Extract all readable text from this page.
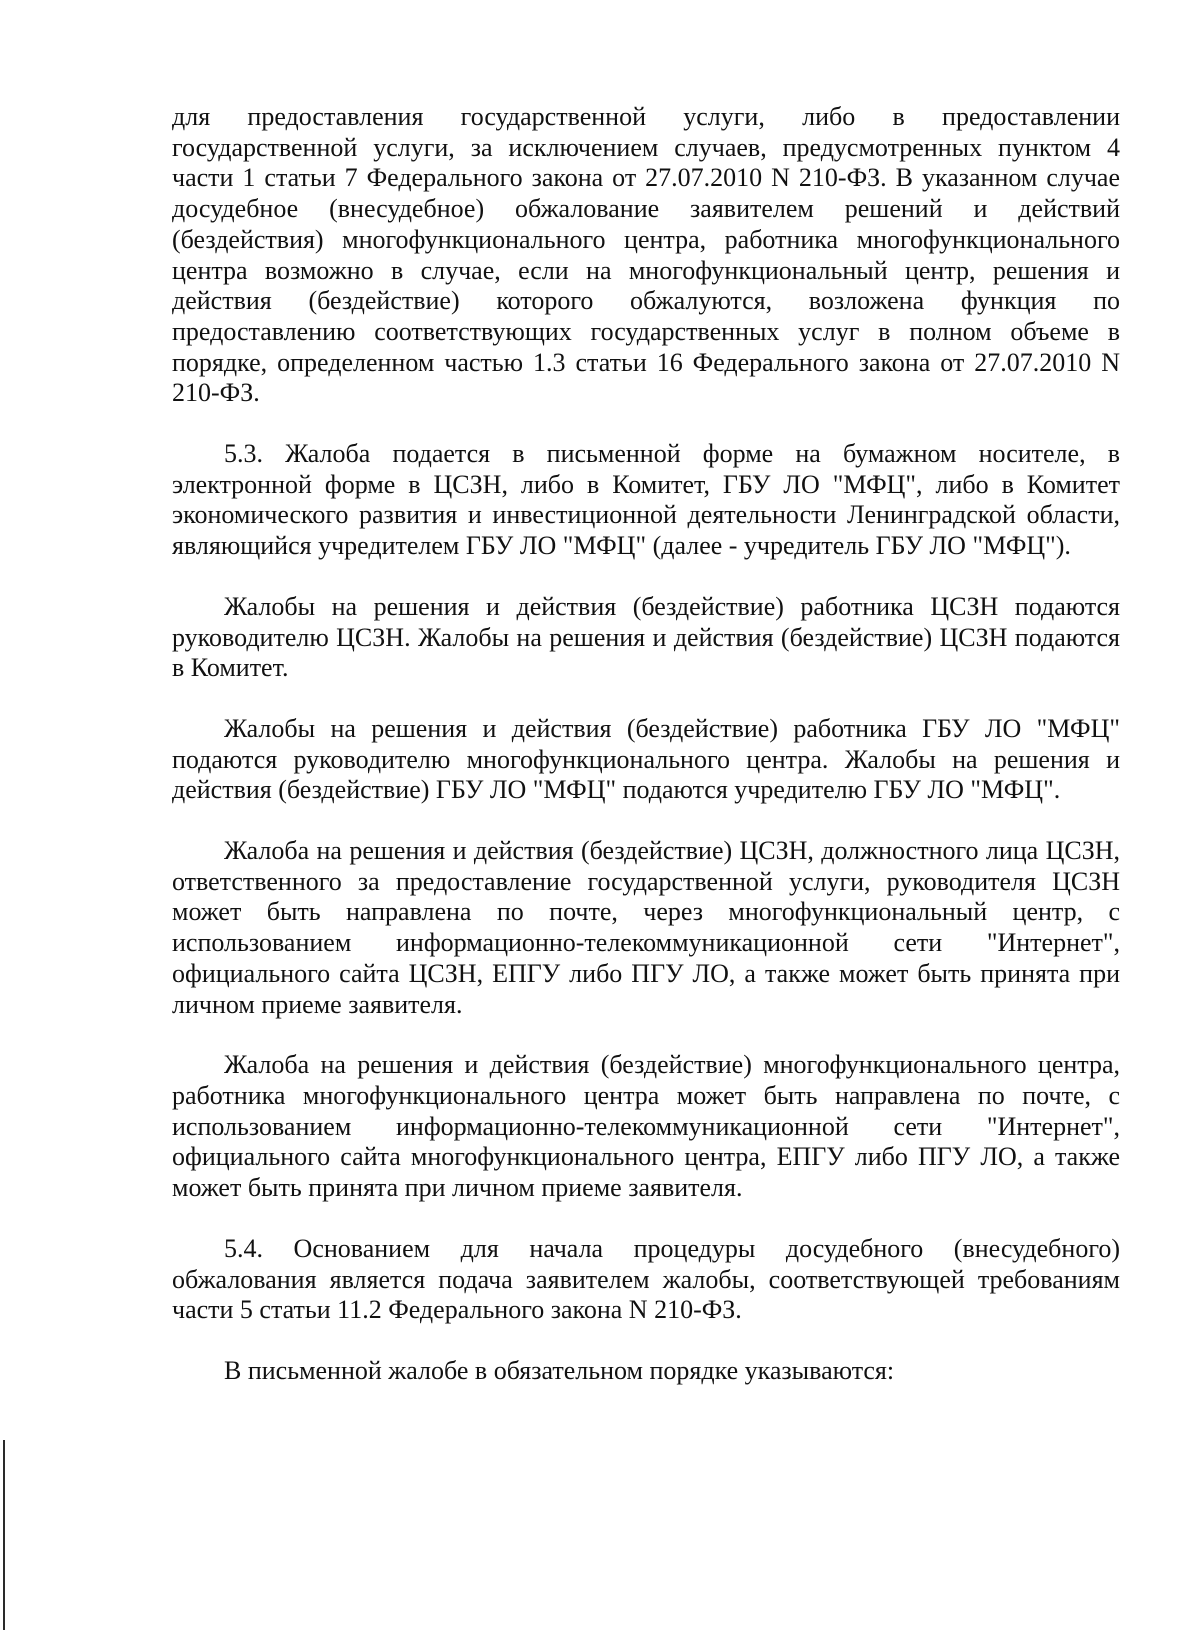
для предоставления государственной услуги, либо в предоставлении государственной услуги, за исключением случаев, предусмотренных пунктом 4 части 1 статьи 7 Федерального закона от 27.07.2010 N 210-ФЗ. В указанном случае досудебное (внесудебное) обжалование заявителем решений и действий (бездействия) многофункционального центра, работника многофункционального центра возможно в случае, если на многофункциональный центр, решения и действия (бездействие) которого обжалуются, возложена функция по предоставлению соответствующих государственных услуг в полном объеме в порядке, определенном частью 1.3 статьи 16 Федерального закона от 27.07.2010 N 210-ФЗ.

5.3. Жалоба подается в письменной форме на бумажном носителе, в электронной форме в ЦСЗН, либо в Комитет, ГБУ ЛО "МФЦ", либо в Комитет экономического развития и инвестиционной деятельности Ленинградской области, являющийся учредителем ГБУ ЛО "МФЦ" (далее - учредитель ГБУ ЛО "МФЦ").

Жалобы на решения и действия (бездействие) работника ЦСЗН подаются руководителю ЦСЗН. Жалобы на решения и действия (бездействие) ЦСЗН подаются в Комитет.

Жалобы на решения и действия (бездействие) работника ГБУ ЛО "МФЦ" подаются руководителю многофункционального центра. Жалобы на решения и действия (бездействие) ГБУ ЛО "МФЦ" подаются учредителю ГБУ ЛО "МФЦ".

Жалоба на решения и действия (бездействие) ЦСЗН, должностного лица ЦСЗН, ответственного за предоставление государственной услуги, руководителя ЦСЗН может быть направлена по почте, через многофункциональный центр, с использованием информационно-телекоммуникационной сети "Интернет", официального сайта ЦСЗН, ЕПГУ либо ПГУ ЛО, а также может быть принята при личном приеме заявителя.

Жалоба на решения и действия (бездействие) многофункционального центра, работника многофункционального центра может быть направлена по почте, с использованием информационно-телекоммуникационной сети "Интернет", официального сайта многофункционального центра, ЕПГУ либо ПГУ ЛО, а также может быть принята при личном приеме заявителя.

5.4. Основанием для начала процедуры досудебного (внесудебного) обжалования является подача заявителем жалобы, соответствующей требованиям части 5 статьи 11.2 Федерального закона N 210-ФЗ.

В письменной жалобе в обязательном порядке указываются:
